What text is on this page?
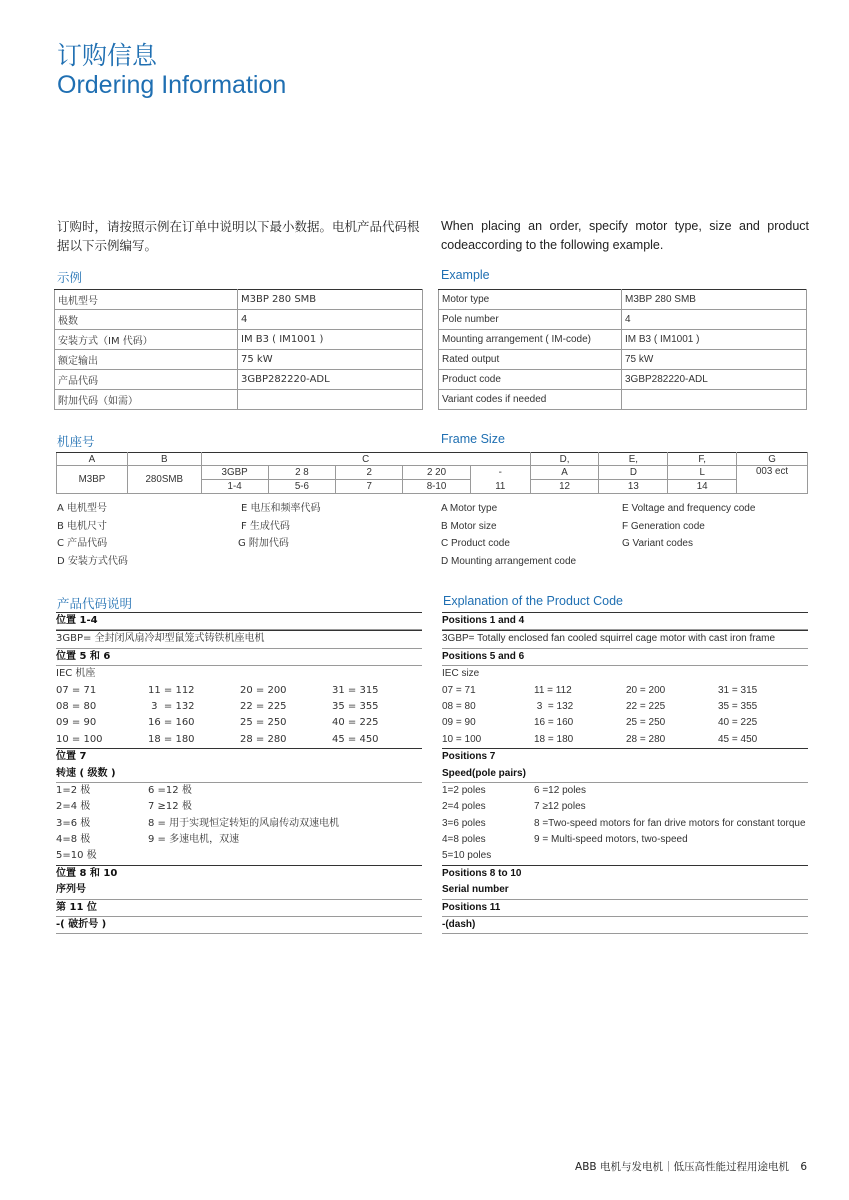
订购信息
Ordering Information
订购时，请按照示例在订单中说明以下最小数据。电机产品代码根据以下示例编写。
When placing an order, specify motor type, size and product codeaccording to the following example.
示例	Example
电机型号	M3BP 280 SMB
极数	4
安装方式（IM 代码）	IM B3 ( IM1001 )
额定输出	75 kW
产品代码	3GBP282220-ADL
附加代码（如需）	
Motor type	M3BP 280 SMB
Pole number	4
Mounting arrangement ( IM-code)	IM B3 ( IM1001 )
Rated output	75 kW
Product code	3GBP282220-ADL
Variant codes if needed	
机座号	Frame Size
A	B	C					D,	E,	F,	G
M3BP	280SMB	3GBP	2 8	2	2 20	-	A	D	L	003 ect
		1-4	5-6	7	8-10	11	12	13	14	
A 电机型号	E 电压和频率代码
B 电机尺寸	F 生成代码
C 产品代码	G 附加代码
D 安装方式代码
A Motor type	E Voltage and frequency code
B Motor size	F Generation code
C Product code	G Variant codes
D Mounting arrangement code
产品代码说明	Explanation of the Product Code
位置 1-4
3GBP= 全封闭风扇冷却型鼠笼式铸铁机座电机
位置 5 和 6
IEC 机座
07 = 71	11 = 112	20 = 200	31 = 315
08 = 80	3  = 132	22 = 225	35 = 355
09 = 90	16 = 160	25 = 250	40 = 225
10 = 100	18 = 180	28 = 280	45 = 450
位置 7
转速 ( 级数 )
1=2 极	6 =12 极
2=4 极	7 ≥12 极
3=6 极	8 = 用于实现恒定转矩的风扇传动双速电机
4=8 极	9 = 多速电机，双速
5=10 极
位置 8 和 10
序列号
第 11 位
-( 破折号 )
Positions 1 and 4
3GBP= Totally enclosed fan cooled squirrel cage motor with cast iron frame
Positions 5 and 6
IEC size
07 = 71	11 = 112	20 = 200	31 = 315
08 = 80	3  = 132	22 = 225	35 = 355
09 = 90	16 = 160	25 = 250	40 = 225
10 = 100	18 = 180	28 = 280	45 = 450
Positions 7
Speed(pole pairs)
1=2 poles	6 =12 poles
2=4 poles	7 ≥12 poles
3=6 poles	8 =Two-speed motors for fan drive motors for constant torque
4=8 poles	9 = Multi-speed motors, two-speed
5=10 poles
Positions 8 to 10
Serial number
Positions 11
-(dash)
ABB 电机与发电机｜低压高性能过程用途电机 6
